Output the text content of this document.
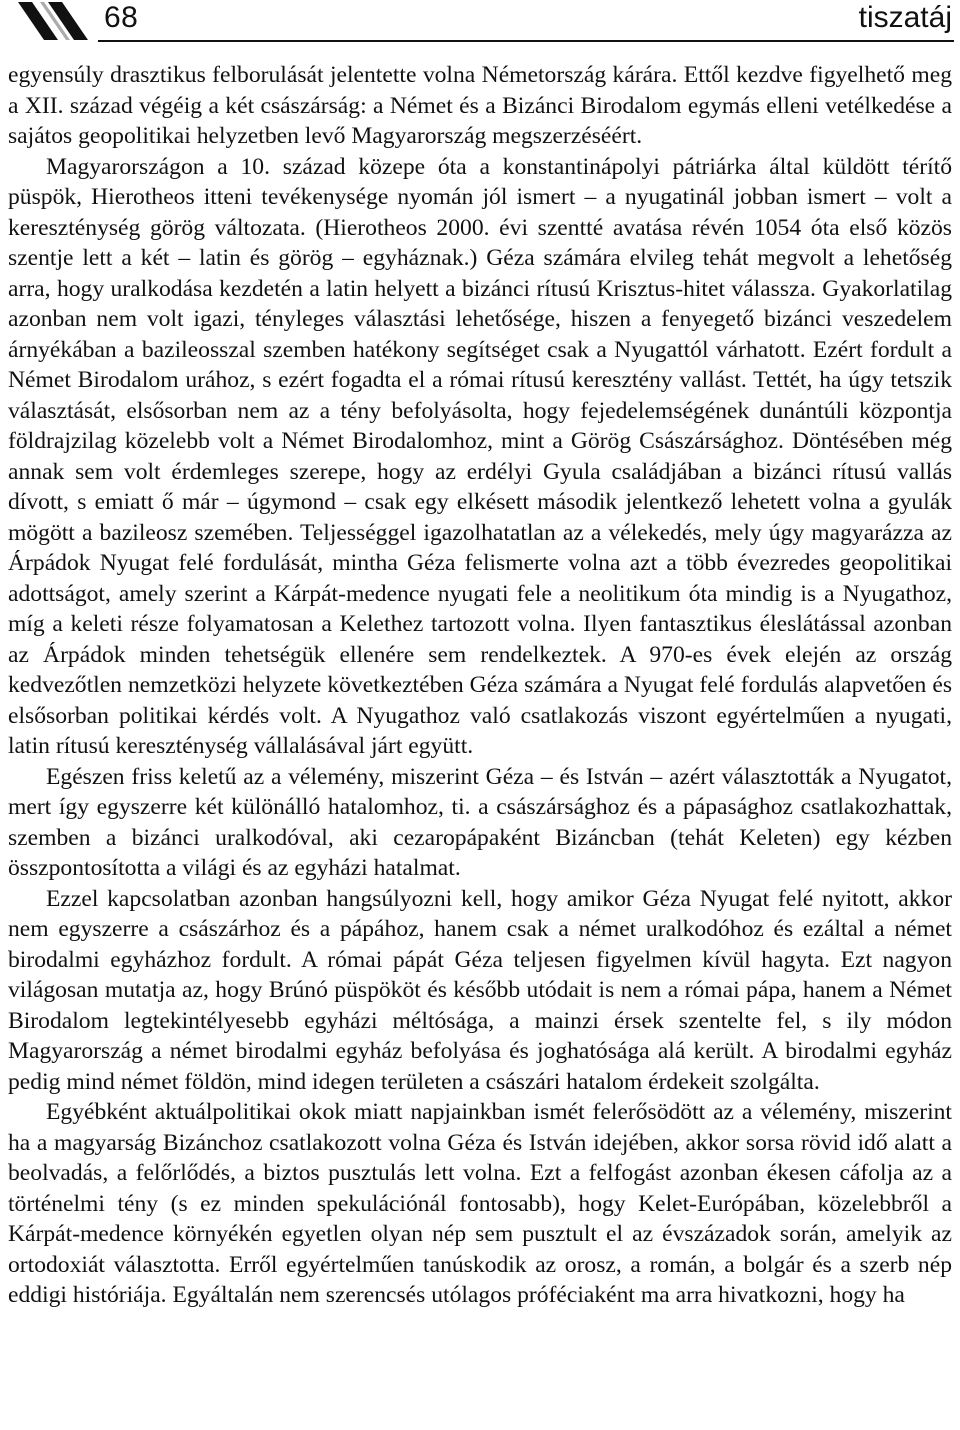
68	tiszatáj

egyensúly drasztikus felborulását jelentette volna Németország kárára. Ettől kezdve figyelhető meg a XII. század végéig a két császárság: a Német és a Bizánci Birodalom egymás elleni vetélkedése a sajátos geopolitikai helyzetben levő Magyarország megszerzéséért.

Magyarországon a 10. század közepe óta a konstantinápolyi pátriárka által küldött térítő püspök, Hierotheos itteni tevékenysége nyomán jól ismert – a nyugatinál jobban ismert – volt a kereszténység görög változata. (Hierotheos 2000. évi szentté avatása révén 1054 óta első közös szentje lett a két – latin és görög – egyháznak.) Géza számára elvileg tehát megvolt a lehetőség arra, hogy uralkodása kezdetén a latin helyett a bizánci rítusú Krisztus-hitet válassza. Gyakorlatilag azonban nem volt igazi, tényleges választási lehetősége, hiszen a fenyegető bizánci veszedelem árnyékában a bazileosszal szemben hatékony segítséget csak a Nyugattól várhatott. Ezért fordult a Német Birodalom urához, s ezért fogadta el a római rítusú keresztény vallást. Tettét, ha úgy tetszik választását, elsősorban nem az a tény befolyásolta, hogy fejedelemségének dunántúli központja földrajzilag közelebb volt a Német Birodalomhoz, mint a Görög Császársághoz. Döntésében még annak sem volt érdemleges szerepe, hogy az erdélyi Gyula családjában a bizánci rítusú vallás dívott, s emiatt ő már – úgymond – csak egy elkésett második jelentkező lehetett volna a gyulák mögött a bazileosz szemében. Teljességgel igazolhatatlan az a vélekedés, mely úgy magyarázza az Árpádok Nyugat felé fordulását, mintha Géza felismerte volna azt a több évezredes geopolitikai adottságot, amely szerint a Kárpát-medence nyugati fele a neolitikum óta mindig is a Nyugathoz, míg a keleti része folyamatosan a Kelethez tartozott volna. Ilyen fantasztikus éleslátással azonban az Árpádok minden tehetségük ellenére sem rendelkeztek. A 970-es évek elején az ország kedvezőtlen nemzetközi helyzete következtében Géza számára a Nyugat felé fordulás alapvetően és elsősorban politikai kérdés volt. A Nyugathoz való csatlakozás viszont egyértelműen a nyugati, latin rítusú kereszténység vállalásával járt együtt.

Egészen friss keletű az a vélemény, miszerint Géza – és István – azért választották a Nyugatot, mert így egyszerre két különálló hatalomhoz, ti. a császársághoz és a pápasághoz csatlakozhattak, szemben a bizánci uralkodóval, aki cezaropápaként Bizáncban (tehát Keleten) egy kézben összpontosította a világi és az egyházi hatalmat.

Ezzel kapcsolatban azonban hangsúlyozni kell, hogy amikor Géza Nyugat felé nyitott, akkor nem egyszerre a császárhoz és a pápához, hanem csak a német uralkodóhoz és ezáltal a német birodalmi egyházhoz fordult. A római pápát Géza teljesen figyelmen kívül hagyta. Ezt nagyon világosan mutatja az, hogy Brúnó püspököt és később utódait is nem a római pápa, hanem a Német Birodalom legtekintélyesebb egyházi méltósága, a mainzi érsek szentelte fel, s ily módon Magyarország a német birodalmi egyház befolyása és joghatósága alá került. A birodalmi egyház pedig mind német földön, mind idegen területen a császári hatalom érdekeit szolgálta.

Egyébként aktuálpolitikai okok miatt napjainkban ismét felerősödött az a vélemény, miszerint ha a magyarság Bizánchoz csatlakozott volna Géza és István idejében, akkor sorsa rövid idő alatt a beolvadás, a felőrlődés, a biztos pusztulás lett volna. Ezt a felfogást azonban ékesen cáfolja az a történelmi tény (s ez minden spekulációnál fontosabb), hogy Kelet-Európában, közelebbről a Kárpát-medence környékén egyetlen olyan nép sem pusztult el az évszázadok során, amelyik az ortodoxiát választotta. Erről egyértelműen tanúskodik az orosz, a román, a bolgár és a szerb nép eddigi históriája. Egyáltalán nem szerencsés utólagos próféciaként ma arra hivatkozni, hogy ha
